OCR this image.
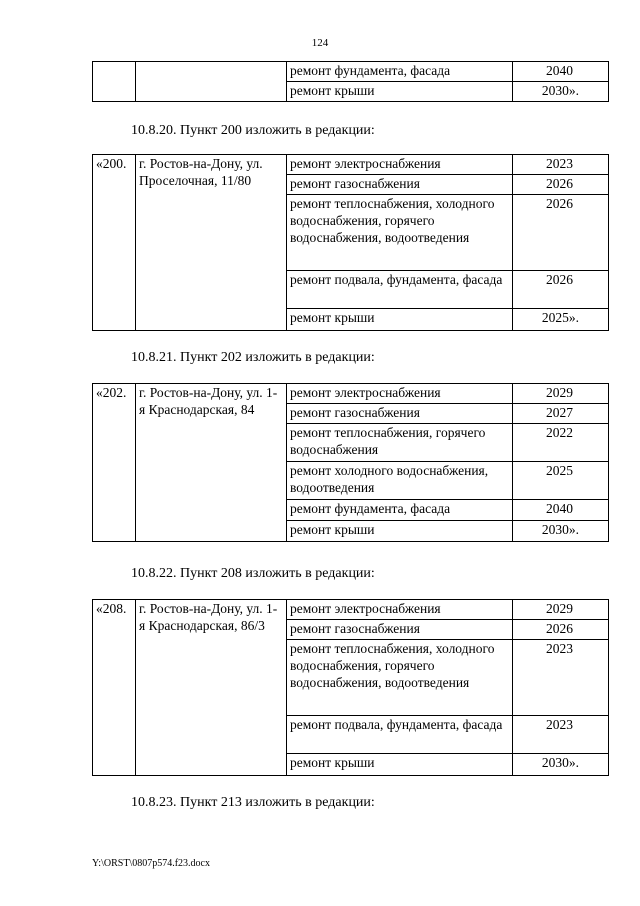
124
		ремонт фундамента, фасада	2040
		ремонт крыши	2030».
«200.	г. Ростов-на-Дону, ул. Проселочная, 11/80	ремонт электроснабжения	2023
		ремонт газоснабжения	2026
		ремонт теплоснабжения, холодного водоснабжения, горячего водоснабжения, водоотведения	2026
		ремонт подвала, фундамента, фасада	2026
		ремонт крыши	2025».
«202.	г. Ростов-на-Дону, ул. 1-я Краснодарская, 84	ремонт электроснабжения	2029
		ремонт газоснабжения	2027
		ремонт теплоснабжения, горячего водоснабжения	2022
		ремонт холодного водоснабжения, водоотведения	2025
		ремонт фундамента, фасада	2040
		ремонт крыши	2030».
«208.	г. Ростов-на-Дону, ул. 1-я Краснодарская, 86/3	ремонт электроснабжения	2029
		ремонт газоснабжения	2026
		ремонт теплоснабжения, холодного водоснабжения, горячего водоснабжения, водоотведения	2023
		ремонт подвала, фундамента, фасада	2023
		ремонт крыши	2030».
10.8.20. Пункт 200 изложить в редакции:
10.8.21. Пункт 202 изложить в редакции:
10.8.22. Пункт 208 изложить в редакции:
10.8.23. Пункт 213 изложить в редакции:
Y:\ORST\0807p574.f23.docx
